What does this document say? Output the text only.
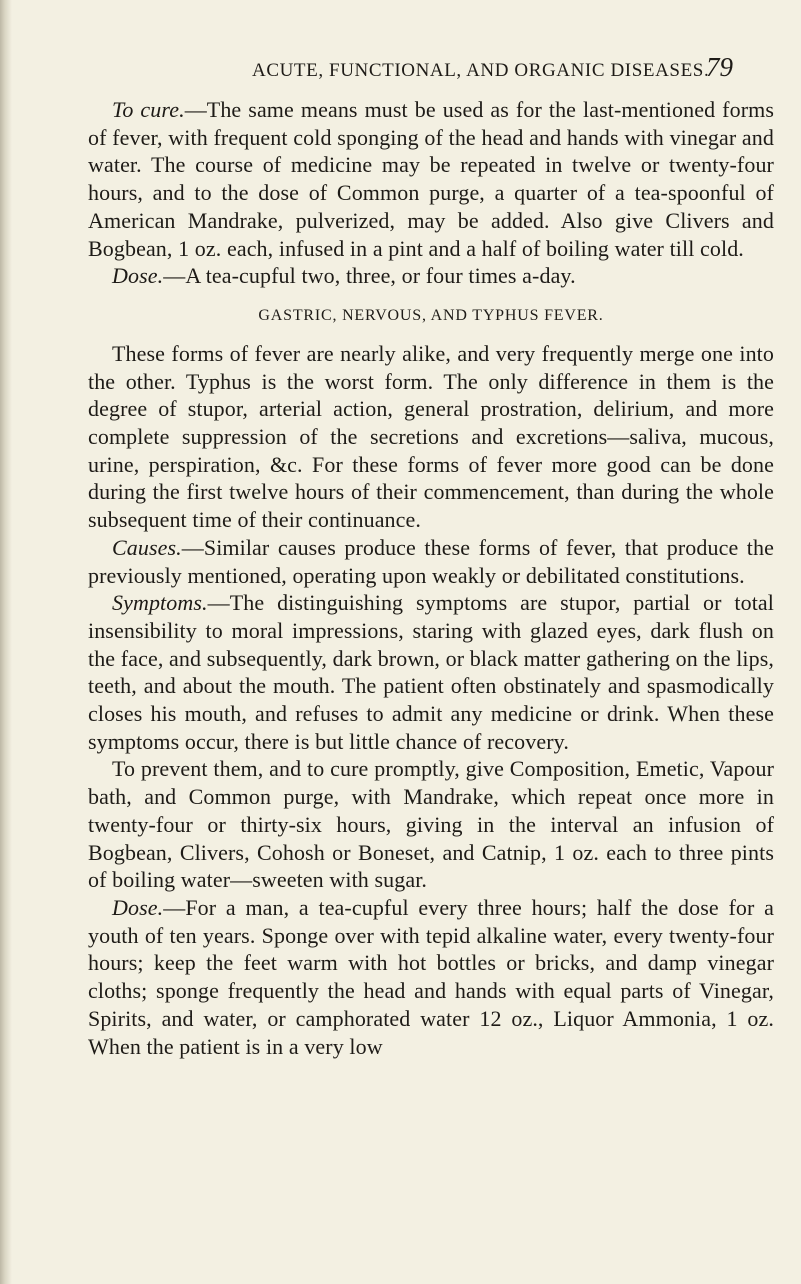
ACUTE, FUNCTIONAL, AND ORGANIC DISEASES.
79

To cure.—The same means must be used as for the last-mentioned forms of fever, with frequent cold sponging of the head and hands with vinegar and water. The course of medicine may be repeated in twelve or twenty-four hours, and to the dose of Common purge, a quarter of a tea-spoonful of American Mandrake, pulverized, may be added. Also give Clivers and Bogbean, 1 oz. each, infused in a pint and a half of boiling water till cold.

Dose.—A tea-cupful two, three, or four times a-day.

GASTRIC, NERVOUS, AND TYPHUS FEVER.

These forms of fever are nearly alike, and very frequently merge one into the other. Typhus is the worst form. The only difference in them is the degree of stupor, arterial action, general prostration, delirium, and more complete suppression of the secretions and excretions—saliva, mucous, urine, perspiration, &c. For these forms of fever more good can be done during the first twelve hours of their commencement, than during the whole subsequent time of their continuance.

Causes.—Similar causes produce these forms of fever, that produce the previously mentioned, operating upon weakly or debilitated constitutions.

Symptoms.—The distinguishing symptoms are stupor, partial or total insensibility to moral impressions, staring with glazed eyes, dark flush on the face, and subsequently, dark brown, or black matter gathering on the lips, teeth, and about the mouth. The patient often obstinately and spasmodically closes his mouth, and refuses to admit any medicine or drink. When these symptoms occur, there is but little chance of recovery.

To prevent them, and to cure promptly, give Composition, Emetic, Vapour bath, and Common purge, with Mandrake, which repeat once more in twenty-four or thirty-six hours, giving in the interval an infusion of Bogbean, Clivers, Cohosh or Boneset, and Catnip, 1 oz. each to three pints of boiling water—sweeten with sugar.

Dose.—For a man, a tea-cupful every three hours; half the dose for a youth of ten years. Sponge over with tepid alkaline water, every twenty-four hours; keep the feet warm with hot bottles or bricks, and damp vinegar cloths; sponge frequently the head and hands with equal parts of Vinegar, Spirits, and water, or camphorated water 12 oz., Liquor Ammonia, 1 oz. When the patient is in a very low
